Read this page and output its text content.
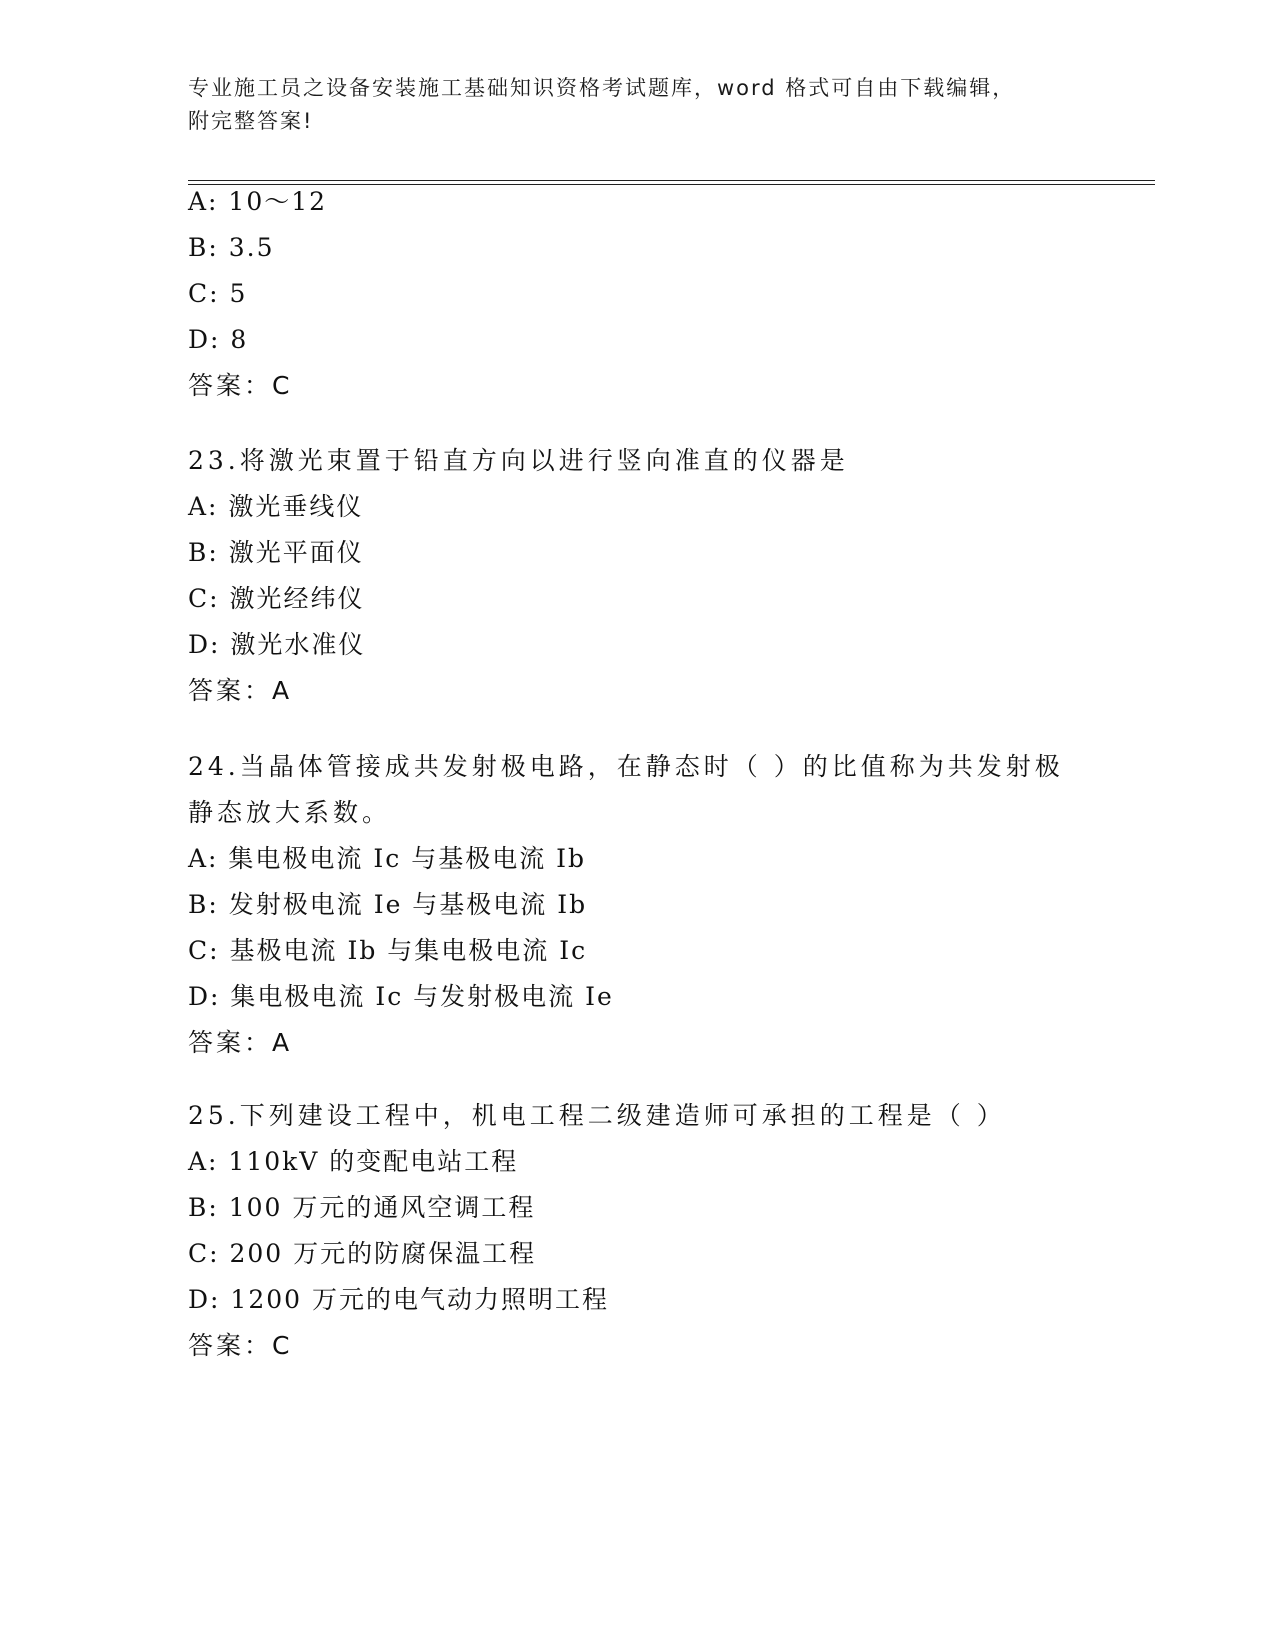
专业施工员之设备安装施工基础知识资格考试题库，word 格式可自由下载编辑，
附完整答案!
A: 10～12
B: 3.5
C: 5
D: 8
答案：C
23.将激光束置于铅直方向以进行竖向准直的仪器是
A: 激光垂线仪
B: 激光平面仪
C: 激光经纬仪
D: 激光水准仪
答案：A
24.当晶体管接成共发射极电路，在静态时（ ）的比值称为共发射极
静态放大系数。
A: 集电极电流 Ic 与基极电流 Ib
B: 发射极电流 Ie 与基极电流 Ib
C: 基极电流 Ib 与集电极电流 Ic
D: 集电极电流 Ic 与发射极电流 Ie
答案：A
25.下列建设工程中，机电工程二级建造师可承担的工程是（ ）
A: 110kV 的变配电站工程
B: 100 万元的通风空调工程
C: 200 万元的防腐保温工程
D: 1200 万元的电气动力照明工程
答案：C
